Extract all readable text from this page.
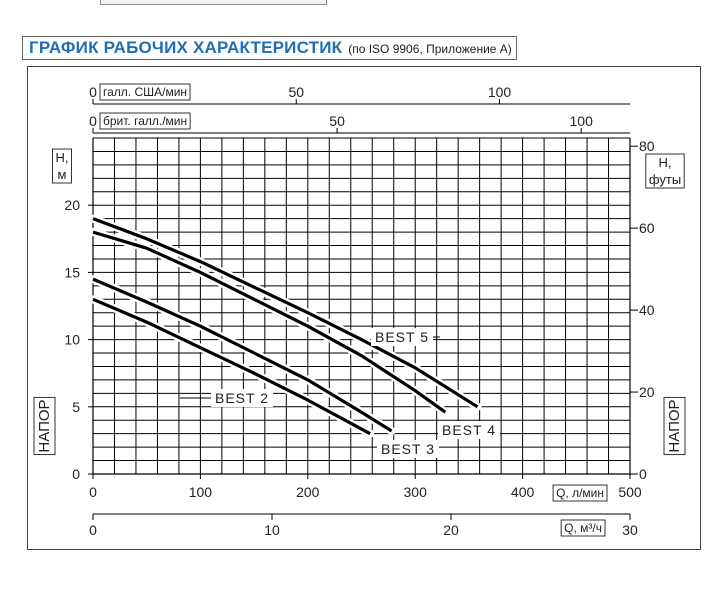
ГРАФИК РАБОЧИХ ХАРАКТЕРИСТИК (по ISO 9906, Приложение A)
0	100	200	300	400	500
Q, л/мин
0	10	20	30
Q, м³/ч
0	50	100
галл. США/мин
0	50	100
брит. галл./мин
0
5
10
15
20
Н, м
0
20
40
60
80
Н, футы
НАПОР	НАПОР
BEST 2
BEST 3
BEST 4
BEST 5
